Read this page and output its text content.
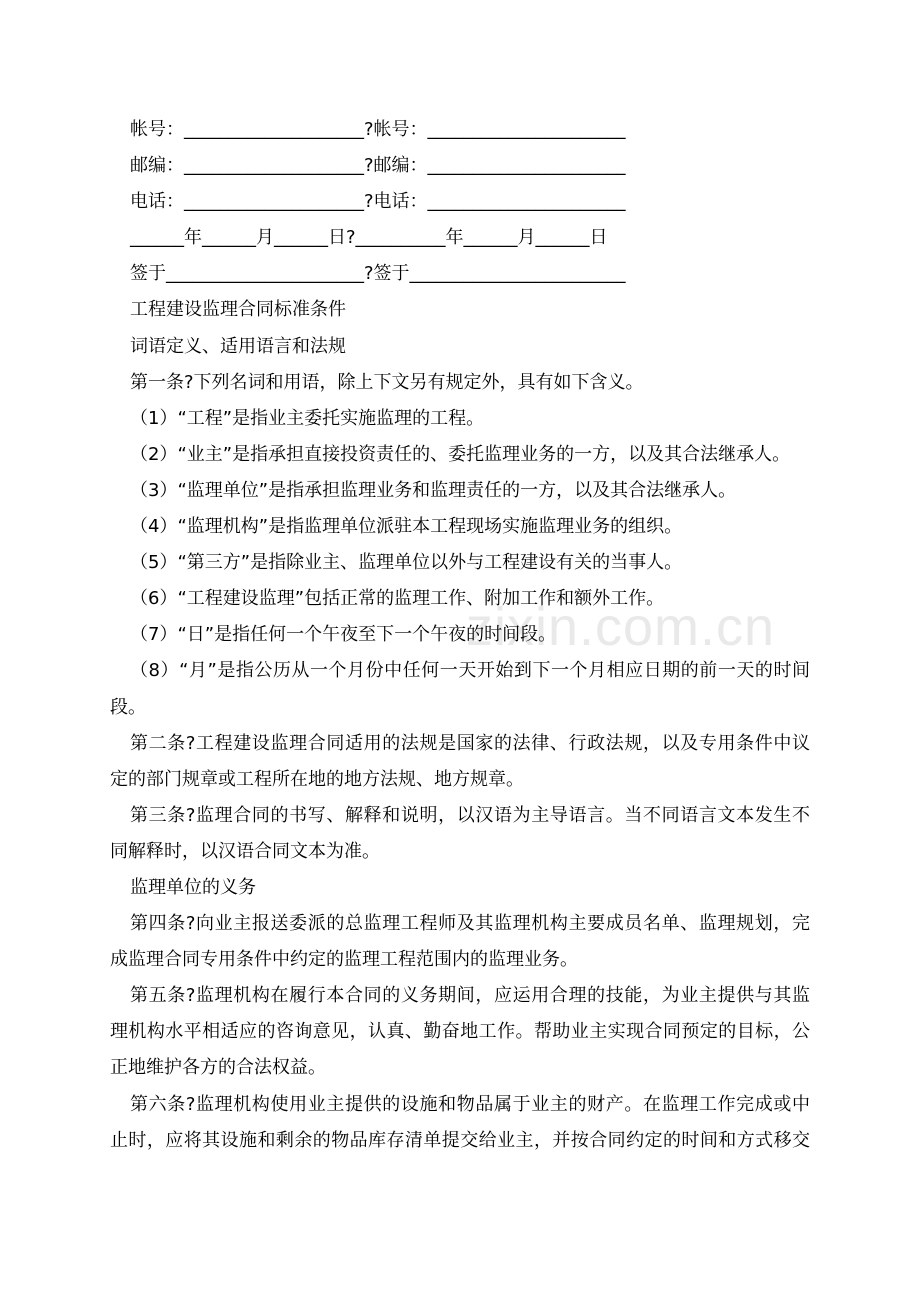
zixin.com.cn
帐号：____________________?帐号：______________________
邮编：____________________?邮编：______________________
电话：____________________?电话：______________________
______年______月______日?__________年______月______日
签于______________________?签于________________________
工程建设监理合同标准条件
词语定义、适用语言和法规
第一条?下列名词和用语，除上下文另有规定外，具有如下含义。
（1）“工程”是指业主委托实施监理的工程。
（2）“业主”是指承担直接投资责任的、委托监理业务的一方，以及其合法继承人。
（3）“监理单位”是指承担监理业务和监理责任的一方，以及其合法继承人。
（4）“监理机构”是指监理单位派驻本工程现场实施监理业务的组织。
（5）“第三方”是指除业主、监理单位以外与工程建设有关的当事人。
（6）“工程建设监理”包括正常的监理工作、附加工作和额外工作。
（7）“日”是指任何一个午夜至下一个午夜的时间段。
（8）“月”是指公历从一个月份中任何一天开始到下一个月相应日期的前一天的时间
段。
第二条?工程建设监理合同适用的法规是国家的法律、行政法规，以及专用条件中议
定的部门规章或工程所在地的地方法规、地方规章。
第三条?监理合同的书写、解释和说明，以汉语为主导语言。当不同语言文本发生不
同解释时，以汉语合同文本为准。
监理单位的义务
第四条?向业主报送委派的总监理工程师及其监理机构主要成员名单、监理规划，完
成监理合同专用条件中约定的监理工程范围内的监理业务。
第五条?监理机构在履行本合同的义务期间，应运用合理的技能，为业主提供与其监
理机构水平相适应的咨询意见，认真、勤奋地工作。帮助业主实现合同预定的目标，公
正地维护各方的合法权益。
第六条?监理机构使用业主提供的设施和物品属于业主的财产。在监理工作完成或中
止时，应将其设施和剩余的物品库存清单提交给业主，并按合同约定的时间和方式移交
